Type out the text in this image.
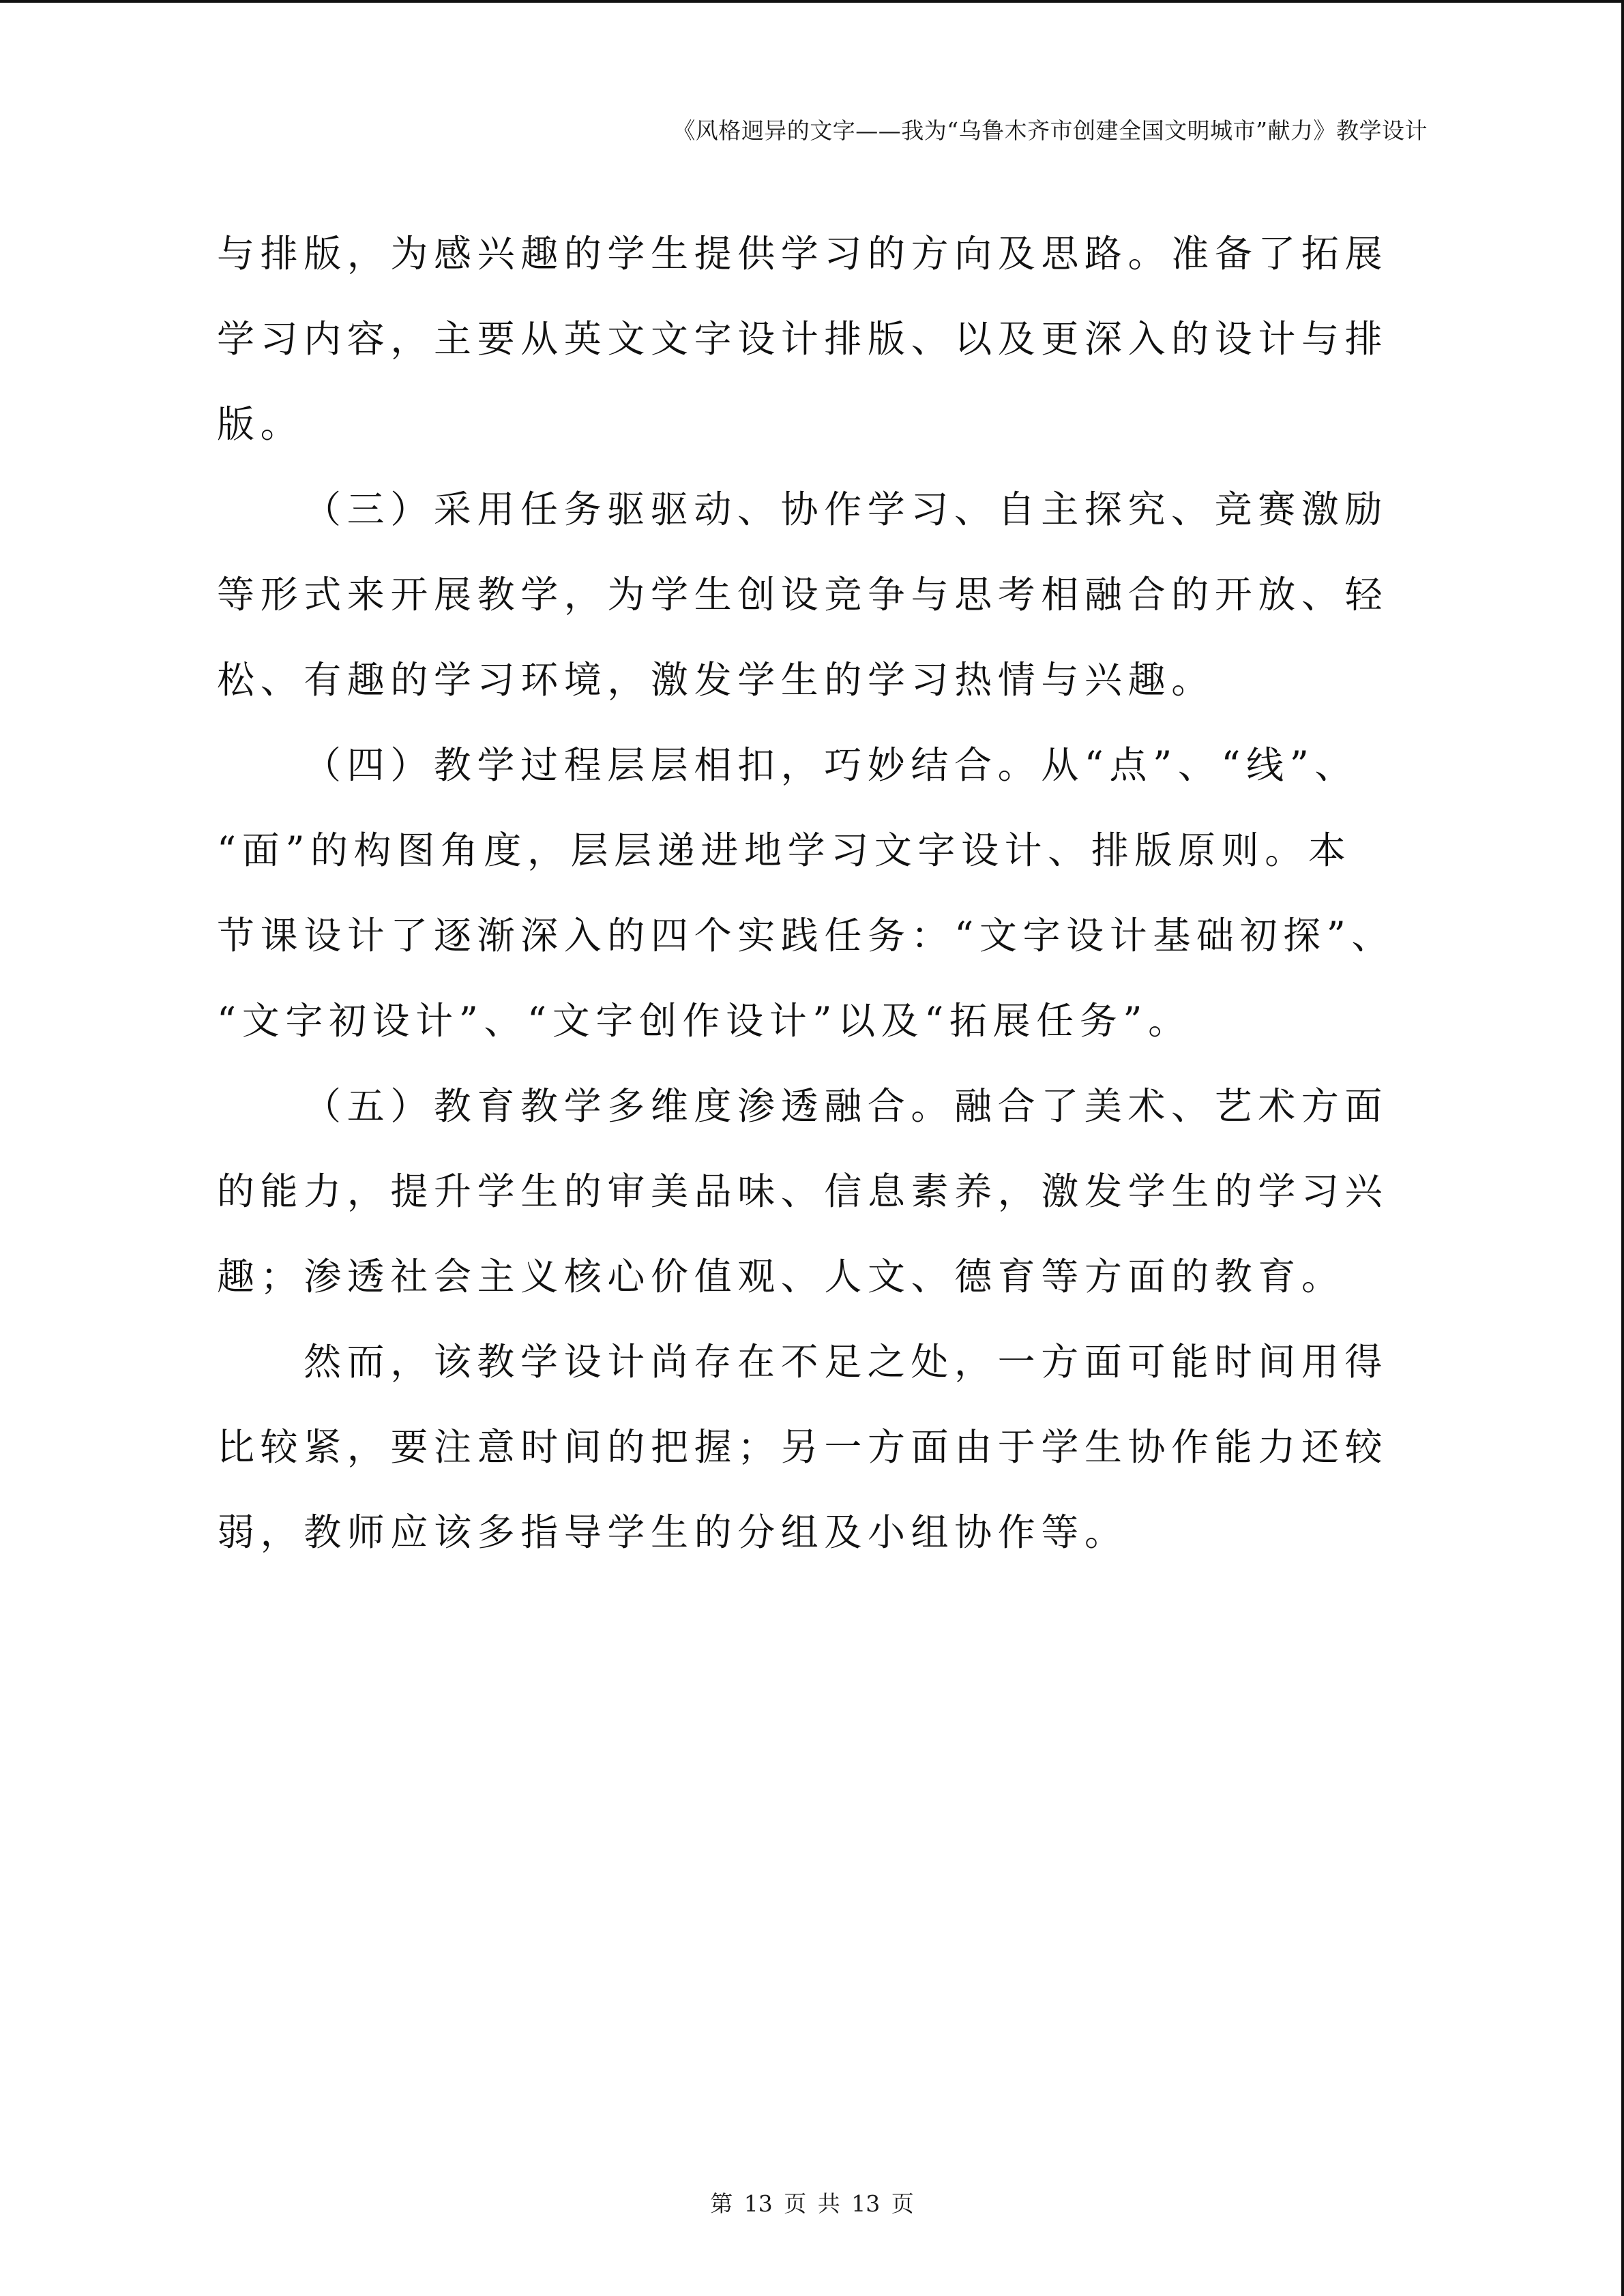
《风格迥异的文字——我为“乌鲁木齐市创建全国文明城市”献力》教学设计
与排版，为感兴趣的学生提供学习的方向及思路。准备了拓展
学习内容，主要从英文文字设计排版、以及更深入的设计与排
版。
（三）采用任务驱驱动、协作学习、自主探究、竞赛激励
等形式来开展教学，为学生创设竞争与思考相融合的开放、轻
松、有趣的学习环境，激发学生的学习热情与兴趣。
（四）教学过程层层相扣，巧妙结合。从“点”、“线”、
“面”的构图角度，层层递进地学习文字设计、排版原则。本
节课设计了逐渐深入的四个实践任务：“文字设计基础初探”、
“文字初设计”、“文字创作设计”以及“拓展任务”。
（五）教育教学多维度渗透融合。融合了美术、艺术方面
的能力，提升学生的审美品味、信息素养，激发学生的学习兴
趣；渗透社会主义核心价值观、人文、德育等方面的教育。
然而，该教学设计尚存在不足之处，一方面可能时间用得
比较紧，要注意时间的把握；另一方面由于学生协作能力还较
弱，教师应该多指导学生的分组及小组协作等。
第 13 页 共 13 页
